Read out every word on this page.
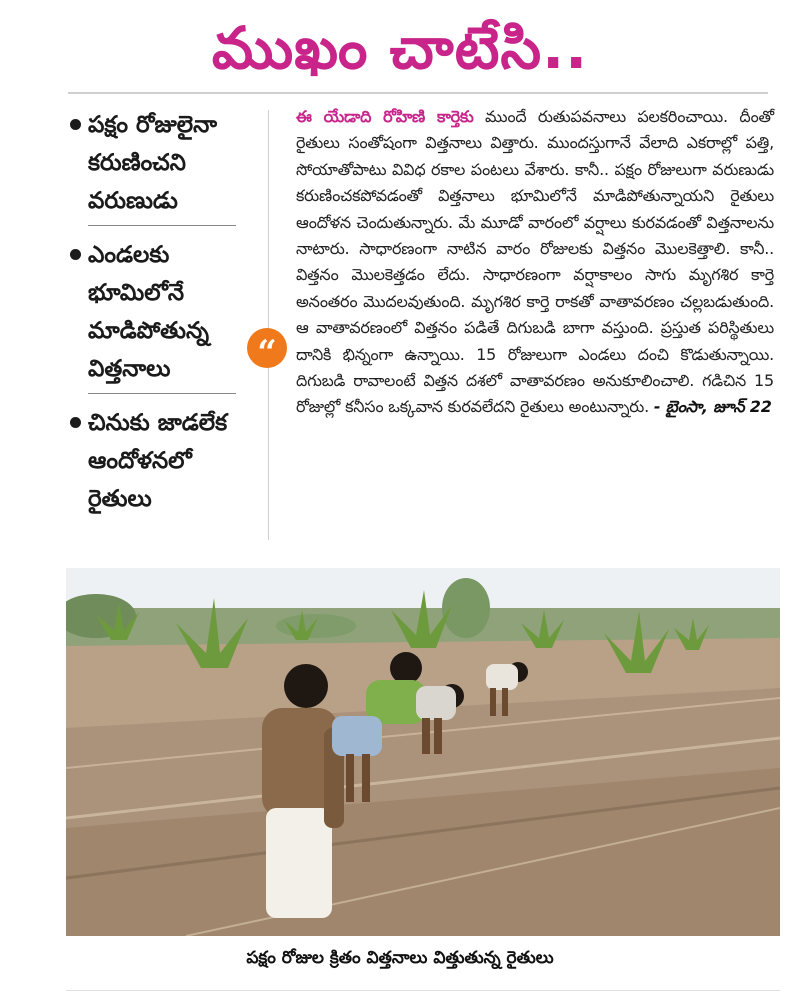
ముఖం చాటేసి..
పక్షం రోజులైనా కరుణించని వరుణుడు
ఎండలకు భూమిలోనే మాడిపోతున్న విత్తనాలు
చినుకు జాడలేక ఆందోళనలో రైతులు
“
ఈ యేడాది రోహిణి కార్తెకు ముందే రుతుపవనాలు పలకరించాయి. దీంతో రైతులు సంతోషంగా విత్తనాలు విత్తారు. ముందస్తుగానే వేలాది ఎకరాల్లో పత్తి, సోయాతోపాటు వివిధ రకాల పంటలు వేశారు. కానీ.. పక్షం రోజులుగా వరుణుడు కరుణించకపోవడంతో విత్తనాలు భూమిలోనే మాడిపోతున్నాయని రైతులు ఆందోళన చెందుతున్నారు. మే మూడో వారంలో వర్షాలు కురవడంతో విత్తనాలను నాటారు. సాధారణంగా నాటిన వారం రోజులకు విత్తనం మొలకెత్తాలి. కానీ.. విత్తనం మొలకెత్తడం లేదు. సాధారణంగా వర్షాకాలం సాగు మృగశిర కార్తె అనంతరం మొదలవుతుంది. మృగశిర కార్తె రాకతో వాతావరణం చల్లబడుతుంది. ఆ వాతావరణంలో విత్తనం పడితే దిగుబడి బాగా వస్తుంది. ప్రస్తుత పరిస్థితులు దానికి భిన్నంగా ఉన్నాయి. 15 రోజులుగా ఎండలు దంచి కొడుతున్నాయి. దిగుబడి రావాలంటే విత్తన దశలో వాతావరణం అనుకూలించాలి. గడిచిన 15 రోజుల్లో కనీసం ఒక్కవాన కురవలేదని రైతులు అంటున్నారు. - బైంసా, జూన్ 22
పక్షం రోజుల క్రితం విత్తనాలు విత్తుతున్న రైతులు
